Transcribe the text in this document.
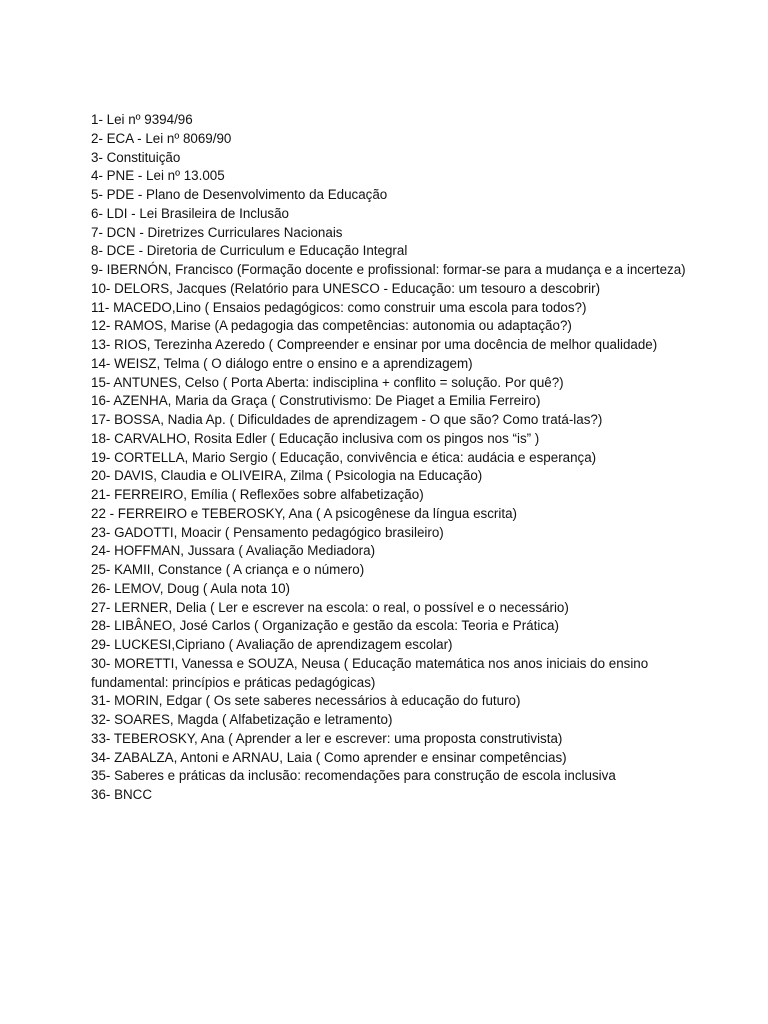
1- Lei nº 9394/96
2- ECA - Lei nº 8069/90
3- Constituição
4- PNE - Lei nº 13.005
5- PDE - Plano de Desenvolvimento da Educação
6- LDI - Lei Brasileira de Inclusão
7- DCN - Diretrizes Curriculares Nacionais
8- DCE - Diretoria de Curriculum e Educação Integral
9- IBERNÓN, Francisco (Formação docente e profissional: formar-se para a mudança e a incerteza)
10- DELORS, Jacques (Relatório para UNESCO - Educação: um tesouro a descobrir)
11- MACEDO,Lino ( Ensaios pedagógicos: como construir uma escola para todos?)
12- RAMOS, Marise (A pedagogia das competências: autonomia ou adaptação?)
13- RIOS, Terezinha Azeredo ( Compreender e ensinar por uma docência de melhor qualidade)
14- WEISZ, Telma ( O diálogo entre o ensino e a aprendizagem)
15- ANTUNES, Celso ( Porta Aberta: indisciplina + conflito = solução. Por quê?)
16- AZENHA, Maria da Graça ( Construtivismo: De Piaget a Emilia Ferreiro)
17- BOSSA, Nadia Ap. ( Dificuldades de aprendizagem - O que são? Como tratá-las?)
18- CARVALHO, Rosita Edler ( Educação inclusiva com os pingos nos “is” )
19- CORTELLA, Mario Sergio ( Educação, convivência e ética: audácia e esperança)
20- DAVIS, Claudia e OLIVEIRA, Zilma ( Psicologia na Educação)
21- FERREIRO, Emília ( Reflexões sobre alfabetização)
22 - FERREIRO e TEBEROSKY, Ana ( A psicogênese da língua escrita)
23- GADOTTI, Moacir ( Pensamento pedagógico brasileiro)
24- HOFFMAN, Jussara ( Avaliação Mediadora)
25- KAMII, Constance ( A criança e o número)
26- LEMOV, Doug ( Aula nota 10)
27- LERNER, Delia ( Ler e escrever na escola: o real, o possível e o necessário)
28- LIBÂNEO, José Carlos ( Organização e gestão da escola: Teoria e Prática)
29- LUCKESI,Cipriano ( Avaliação de aprendizagem escolar)
30- MORETTI, Vanessa e SOUZA, Neusa ( Educação matemática nos anos iniciais do ensino fundamental: princípios e práticas pedagógicas)
31- MORIN, Edgar ( Os sete saberes necessários à educação do futuro)
32- SOARES, Magda ( Alfabetização e letramento)
33- TEBEROSKY, Ana ( Aprender a ler e escrever: uma proposta construtivista)
34- ZABALZA, Antoni e ARNAU, Laia ( Como aprender e ensinar competências)
35- Saberes e práticas da inclusão: recomendações para construção de escola inclusiva
36- BNCC
